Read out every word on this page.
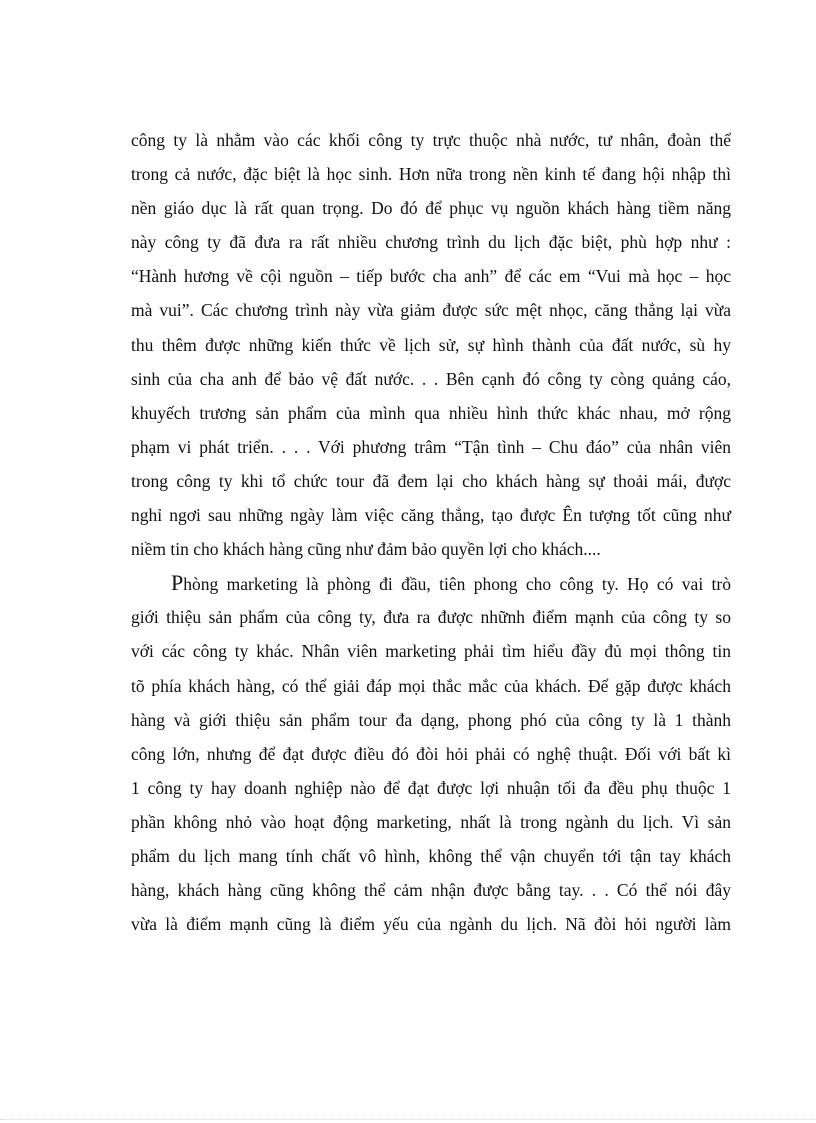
công ty là nhằm vào các khối công ty trực thuộc nhà nước, tư nhân, đoàn thể
trong cả nước, đặc biệt là học sinh. Hơn nữa trong nền kinh tế đang hội nhập thì
nền giáo dục là rất quan trọng. Do đó để phục vụ nguồn khách hàng tiềm năng
này công ty đã đưa ra rất nhiều chương trình du lịch đặc biệt, phù hợp như :
“Hành hương về cội nguồn – tiếp bước cha anh” để các em “Vui mà học – học
mà vui”. Các chương trình này vừa giảm được sức mệt nhọc, căng thẳng lại vừa
thu thêm được những kiến thức về lịch sử, sự hình thành của đất nước, sù hy
sinh của cha anh để bảo vệ đất nước. . . Bên cạnh đó công ty còng quảng cáo,
khuyếch trương sản phẩm của mình qua nhiều hình thức khác nhau, mở rộng
phạm vi phát triển. . . . Với phương trâm “Tận tình – Chu đáo” của nhân viên
trong công ty khi tổ chức tour đã đem lại cho khách hàng sự thoải mái, được
nghỉ ngơi sau những ngày làm việc căng thẳng, tạo được Ên tượng tốt cũng như
niềm tin cho khách hàng cũng như đảm bảo quyền lợi cho khách....
Phòng marketing là phòng đi đầu, tiên phong cho công ty. Họ có vai trò
giới thiệu sản phẩm của công ty, đưa ra được nhữnh điểm mạnh của công ty so
với các công ty khác. Nhân viên marketing phải tìm hiểu đầy đủ mọi thông tin
tõ phía khách hàng, có thể giải đáp mọi thắc mắc của khách. Để gặp được khách
hàng và giới thiệu sản phẩm tour đa dạng, phong phó của công ty là 1 thành
công lớn, nhưng để đạt được điều đó đòi hỏi phải có nghệ thuật. Đối với bất kì
1 công ty hay doanh nghiệp nào để đạt được lợi nhuận tối đa đều phụ thuộc 1
phần không nhỏ vào hoạt động marketing, nhất là trong ngành du lịch. Vì sản
phẩm du lịch mang tính chất vô hình, không thể vận chuyển tới tận tay khách
hàng, khách hàng cũng không thể cảm nhận được bằng tay. . . Có thể nói đây
vừa là điểm mạnh cũng là điểm yếu của ngành du lịch. Nã đòi hỏi người làm
